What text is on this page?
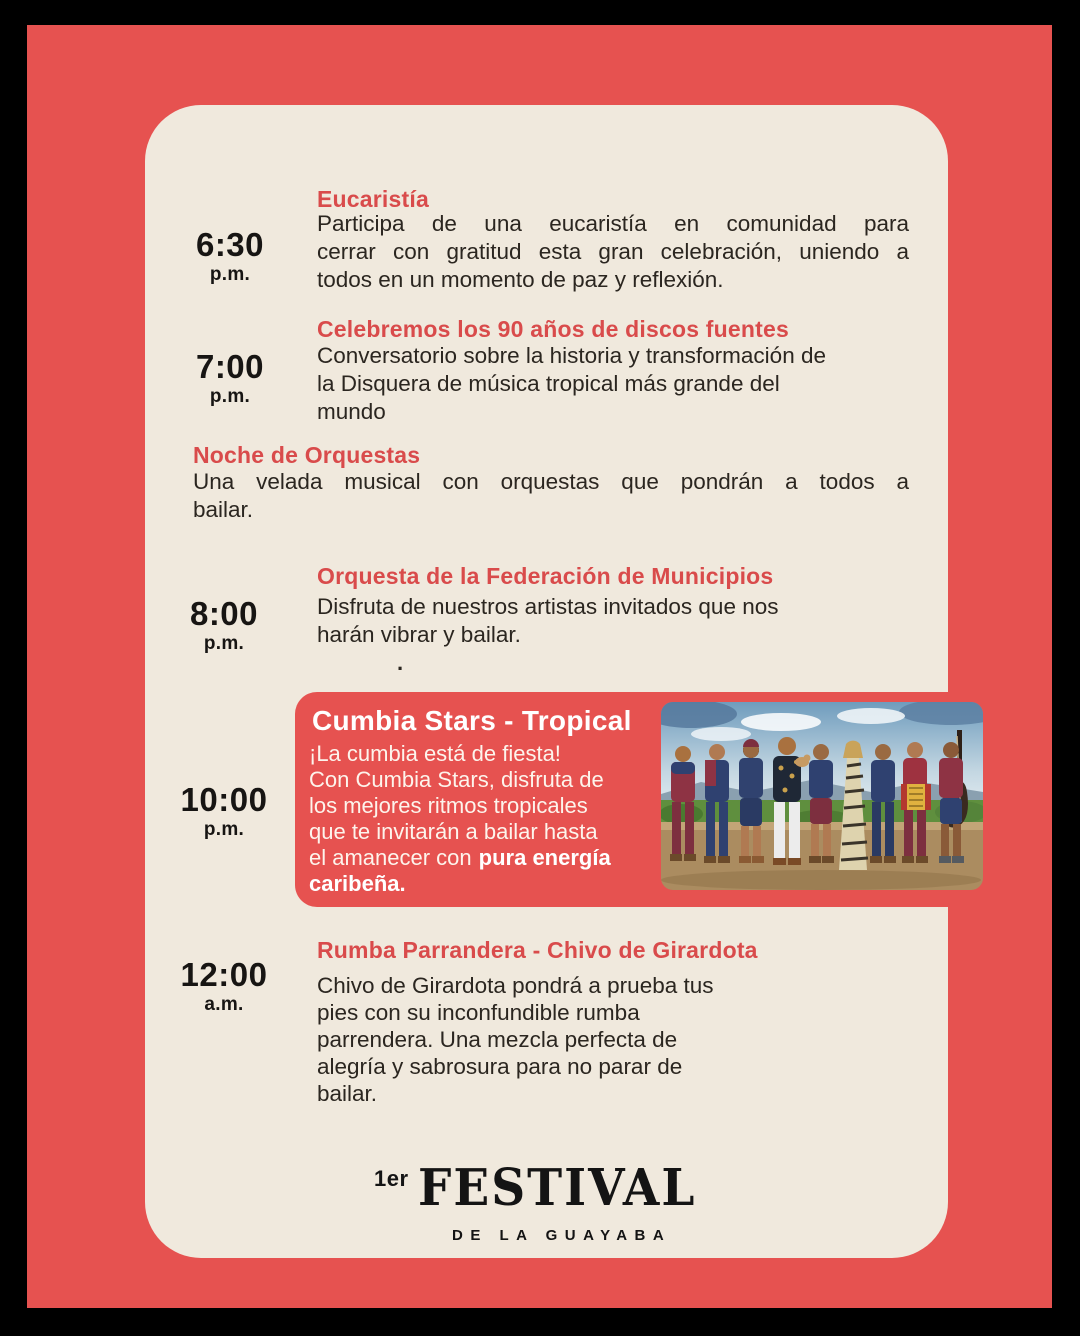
6:30
p.m.
Eucaristía
Participa de una eucaristía en comunidad para
cerrar con gratitud esta gran celebración, uniendo a
todos en un momento de paz y reflexión.
7:00
p.m.
Celebremos los 90 años de discos fuentes
Conversatorio sobre la historia y transformación de
la Disquera de música tropical más grande del
mundo
Noche de Orquestas
Una velada musical con orquestas que pondrán a todos a
bailar.
Orquesta de la Federación de Municipios
8:00
p.m.
Disfruta de nuestros artistas invitados que nos
harán vibrar y bailar.
.
10:00
p.m.
Cumbia Stars - Tropical
¡La cumbia está de fiesta!
Con Cumbia Stars, disfruta de
los mejores ritmos tropicales
que te invitarán a bailar hasta
el amanecer con pura energía
caribeña.
Rumba Parrandera - Chivo de Girardota
12:00
a.m.
Chivo de Girardota pondrá a prueba tus
pies con su inconfundible rumba
parrendera. Una mezcla perfecta de
alegría y sabrosura para no parar de
bailar.
1er FESTIVAL
DE LA GUAYABA
